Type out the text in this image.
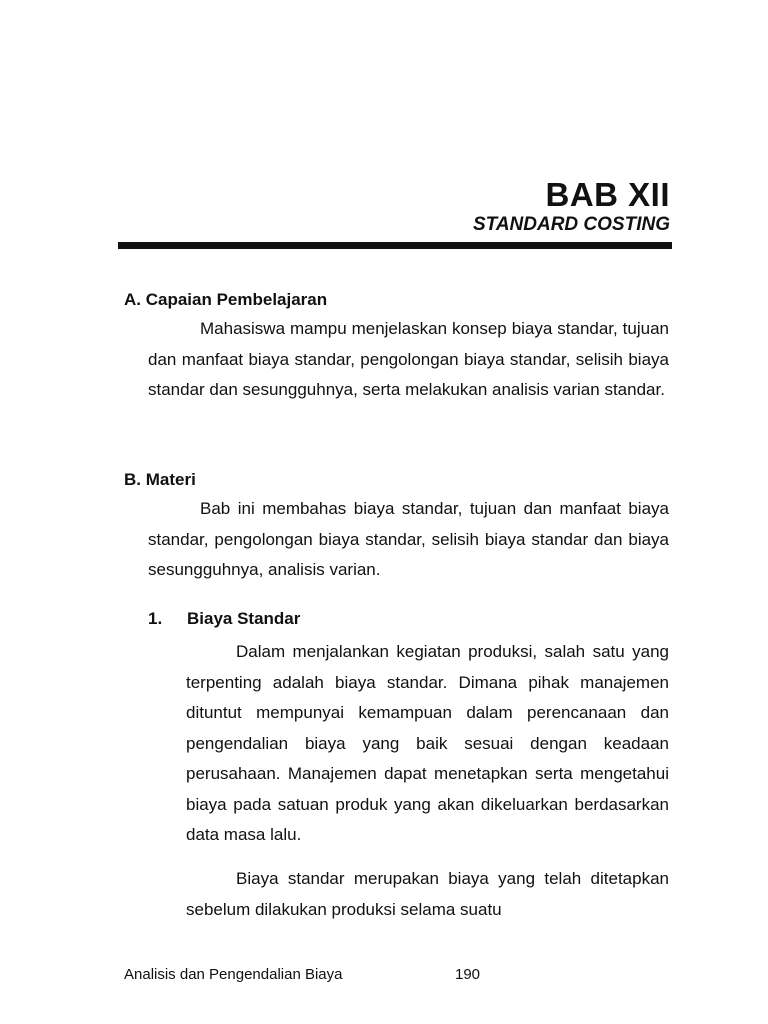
BAB XII
STANDARD COSTING
A. Capaian Pembelajaran

Mahasiswa mampu menjelaskan konsep biaya standar, tujuan dan manfaat biaya standar, pengolongan biaya standar, selisih biaya standar dan sesungguhnya, serta melakukan analisis varian standar.

B. Materi

Bab ini membahas biaya standar, tujuan dan manfaat biaya standar, pengolongan biaya standar, selisih biaya standar dan biaya sesungguhnya, analisis varian.

1. Biaya Standar

Dalam menjalankan kegiatan produksi, salah satu yang terpenting adalah biaya standar. Dimana pihak manajemen dituntut mempunyai kemampuan dalam perencanaan dan pengendalian biaya yang baik sesuai dengan keadaan perusahaan. Manajemen dapat menetapkan serta mengetahui biaya pada satuan produk yang akan dikeluarkan berdasarkan data masa lalu.

Biaya standar merupakan biaya yang telah ditetapkan sebelum dilakukan produksi selama suatu

Analisis dan Pengendalian Biaya	190
